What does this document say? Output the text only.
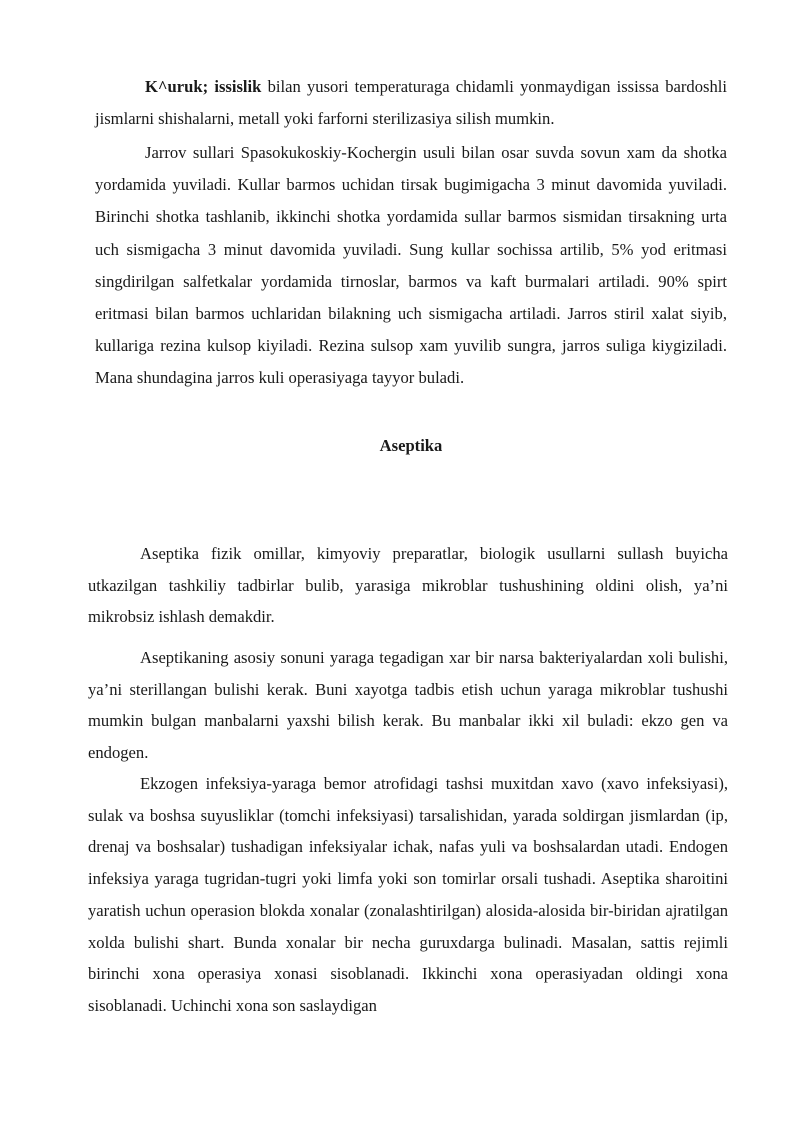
K^uruk; issislik bilan yusori temperaturaga chidamli yonmaydigan ississa bardoshli jismlarni shishalarni, metall yoki farforni sterilizasiya silish mumkin.
Jarrov sullari Spasokukoskiy-Kochergin usuli bilan osar suvda sovun xam da shotka yordamida yuviladi. Kullar barmos uchidan tirsak bugimigacha 3 minut davomida yuviladi. Birinchi shotka tashlanib, ikkinchi shotka yordamida sullar barmos sismidan tirsakning urta uch sismigacha 3 minut davomida yuviladi. Sung kullar sochissa artilib, 5% yod eritmasi singdirilgan salfetkalar yordamida tirnoslar, barmos va kaft burmalari artiladi. 90% spirt eritmasi bilan barmos uchlaridan bilakning uch sismigacha artiladi. Jarros stiril xalat siyib, kullariga rezina kulsop kiyiladi. Rezina sulsop xam yuvilib sungra, jarros suliga kiygiziladi. Mana shundagina jarros kuli operasiyaga tayyor buladi.
Aseptika
Aseptika fizik omillar, kimyoviy preparatlar, biologik usullarni sullash buyicha utkazilgan tashkiliy tadbirlar bulib, yarasiga mikroblar tushushining oldini olish, ya’ni mikrobsiz ishlash demakdir.
Aseptikaning asosiy sonuni yaraga tegadigan xar bir narsa bakteriyalardan xoli bulishi, ya’ni sterillangan bulishi kerak. Buni xayotga tadbis etish uchun yaraga mikroblar tushushi mumkin bulgan manbalarni yaxshi bilish kerak. Bu manbalar ikki xil buladi: ekzo gen va endogen.
Ekzogen infeksiya-yaraga bemor atrofidagi tashsi muxitdan xavo (xavo infeksiyasi), sulak va boshsa suyusliklar (tomchi infeksiyasi) tarsalishidan, yarada soldirgan jismlardan (ip, drenaj va boshsalar) tushadigan infeksiyalar ichak, nafas yuli va boshsalardan utadi. Endogen infeksiya yaraga tugridan-tugri yoki limfa yoki son tomirlar orsali tushadi. Aseptika sharoitini yaratish uchun operasion blokda xonalar (zonalashtirilgan) alosida-alosida bir-biridan ajratilgan xolda bulishi shart. Bunda xonalar bir necha guruxdarga bulinadi. Masalan, sattis rejimli birinchi xona operasiya xonasi sisoblanadi. Ikkinchi xona operasiyadan oldingi xona sisoblanadi. Uchinchi xona son saslaydigan
